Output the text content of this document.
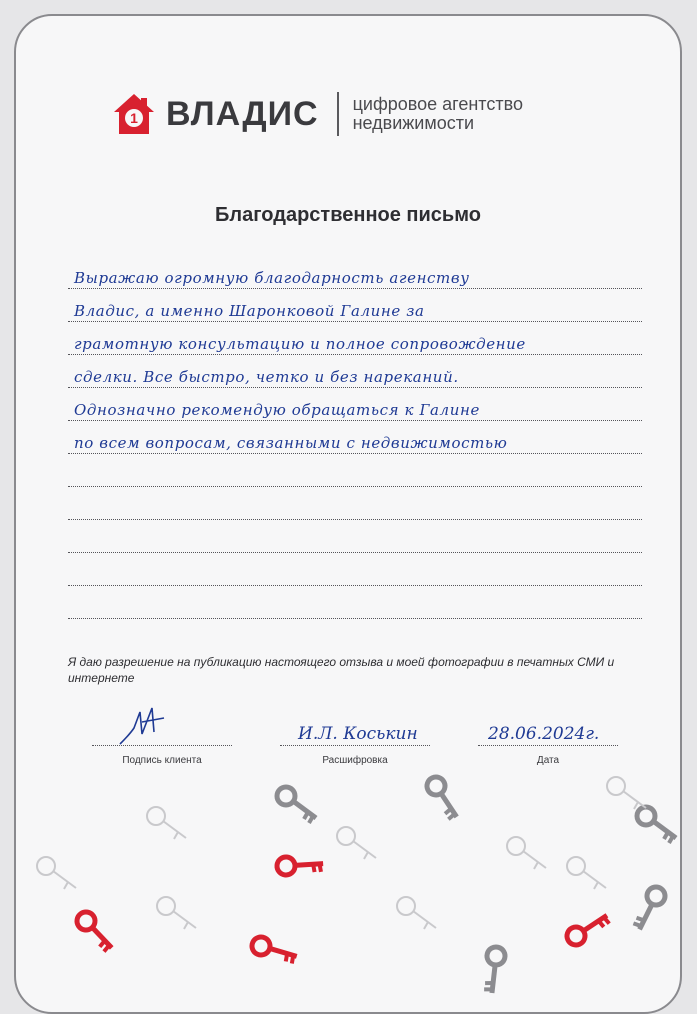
1 ВЛАДИС цифровое агентство
недвижимости
Благодарственное письмо
Выражаю огромную благодарность агенству
Владис, а именно Шаронковой Галине за
грамотную консультацию и полное сопровождение
сделки. Все быстро, четко и без нареканий.
Однозначно рекомендую обращаться к Галине
по всем вопросам, связанными с недвижимостью
Я даю разрешение на публикацию настоящего отзыва и моей фотографии в печатных СМИ и интернете
Подпись клиента
И.Л. Коськин
Расшифровка
28.06.2024г.
Дата
